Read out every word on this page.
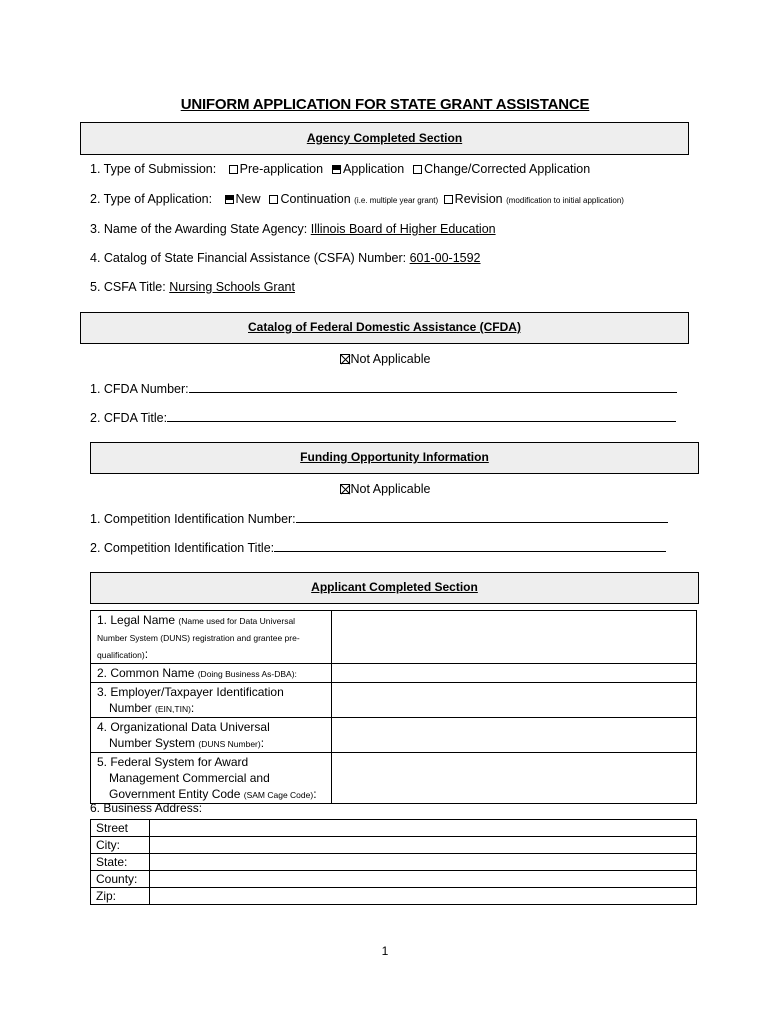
UNIFORM APPLICATION FOR STATE GRANT ASSISTANCE
Agency Completed Section
1. Type of Submission: Pre-application Application Change/Corrected Application
2. Type of Application: New Continuation (i.e. multiple year grant) Revision (modification to initial application)
3. Name of the Awarding State Agency: Illinois Board of Higher Education
4. Catalog of State Financial Assistance (CSFA) Number: 601-00-1592
5. CSFA Title: Nursing Schools Grant
Catalog of Federal Domestic Assistance (CFDA)
Not Applicable
1. CFDA Number:
2. CFDA Title:
Funding Opportunity Information
Not Applicable
1. Competition Identification Number:
2. Competition Identification Title:
Applicant Completed Section
1. Legal Name (Name used for Data Universal Number System (DUNS) registration and grantee pre-qualification):	
2. Common Name (Doing Business As-DBA):	
3. Employer/Taxpayer Identification
Number (EIN,TIN):	

4. Organizational Data Universal
Number System (DUNS Number):	

5. Federal System for Award
Management Commercial and
Government Entity Code (SAM Cage Code):	

6. Business Address:
Street	
City:	
State:	
County:	
Zip:	
1
